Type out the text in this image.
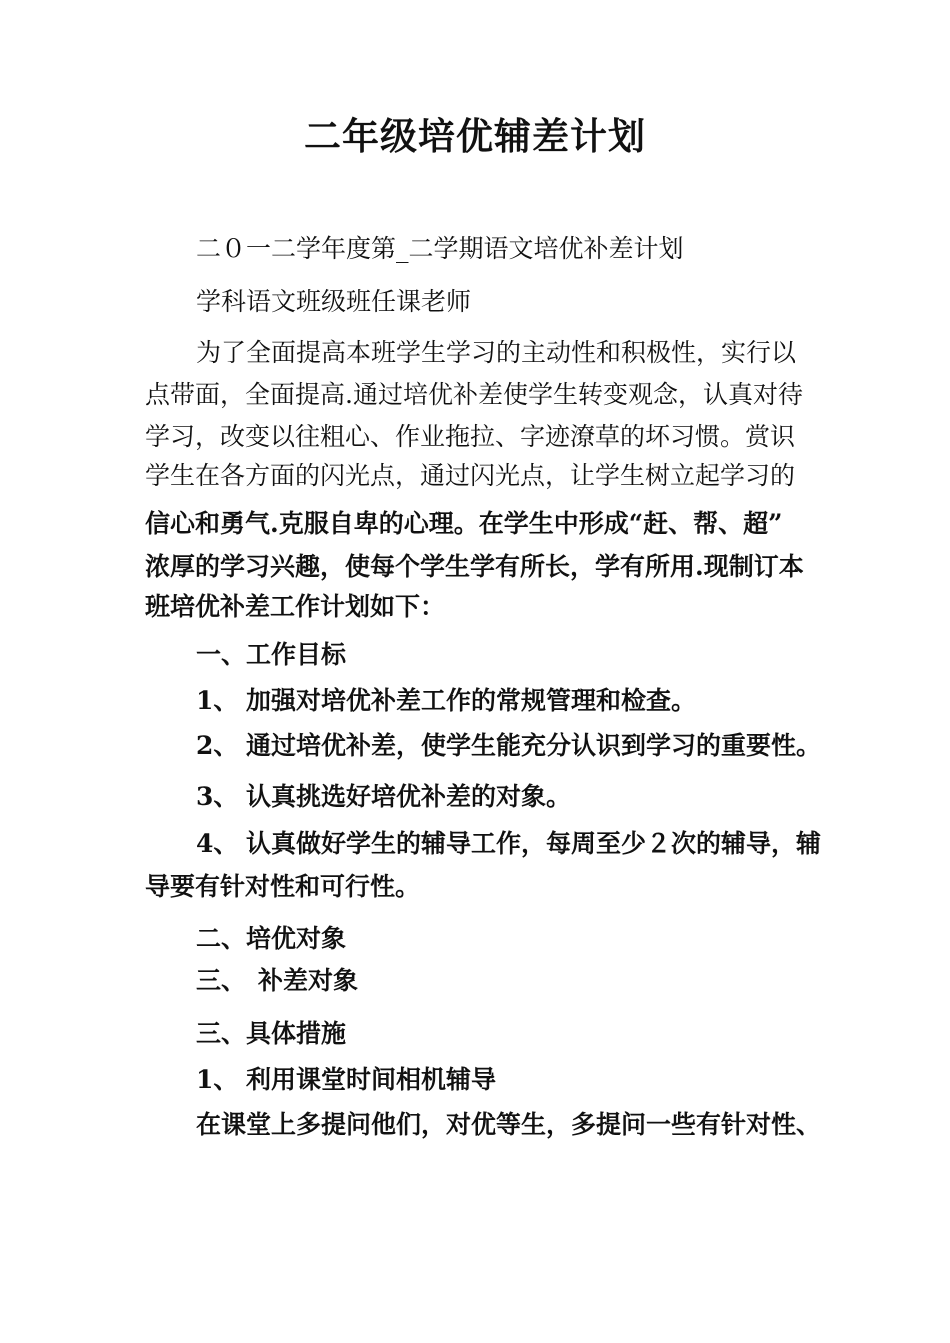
二年级培优辅差计划
二０一二学年度第_二学期语文培优补差计划
学科语文班级班任课老师
为了全面提高本班学生学习的主动性和积极性，实行以
点带面，全面提高.通过培优补差使学生转变观念，认真对待
学习，改变以往粗心、作业拖拉、字迹潦草的坏习惯。赏识
学生在各方面的闪光点，通过闪光点，让学生树立起学习的
信心和勇气.克服自卑的心理。在学生中形成“赶、帮、超”
浓厚的学习兴趣，使每个学生学有所长，学有所用.现制订本
班培优补差工作计划如下：
一、工作目标
1、 加强对培优补差工作的常规管理和检查。
2、 通过培优补差，使学生能充分认识到学习的重要性。
3、 认真挑选好培优补差的对象。
4、 认真做好学生的辅导工作，每周至少２次的辅导，辅
导要有针对性和可行性。
二、培优对象
三、 补差对象
三、具体措施
1、 利用课堂时间相机辅导
在课堂上多提问他们，对优等生，多提问一些有针对性、
